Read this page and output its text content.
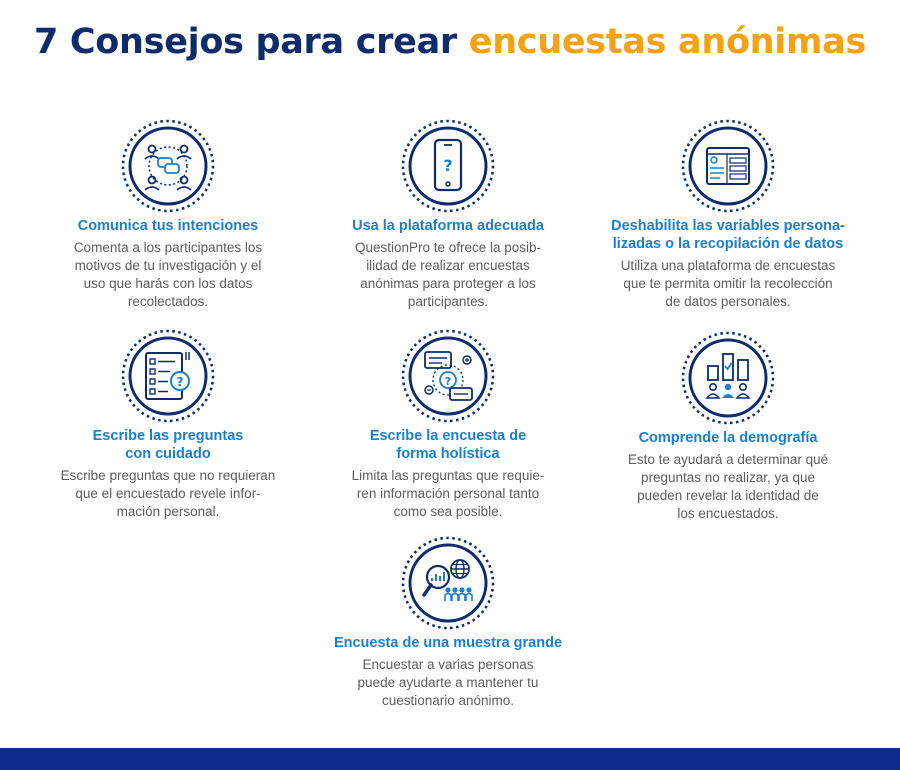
7 Consejos para crear encuestas anónimas
Comunica tus intenciones
Comenta a los participantes los
motivos de tu investigación y el
uso que harás con los datos
recolectados.
?
Usa la plataforma adecuada
QuestionPro te ofrece la posib-
ilidad de realizar encuestas
anónimas para proteger a los
participantes.
Deshabilita las variables persona-
lizadas o la recopilación de datos
Utiliza una plataforma de encuestas
que te permita omitir la recolección
de datos personales.
?
Escribe las preguntas
con cuidado
Escribe preguntas que no requieran
que el encuestado revele infor-
mación personal.
?
Escribe la encuesta de
forma holística
Limita las preguntas que requie-
ren información personal tanto
como sea posible.
Comprende la demografía
Esto te ayudará a determinar qué
preguntas no realizar, ya que
pueden revelar la identidad de
los encuestados.
Encuesta de una muestra grande
Encuestar a varias personas
puede ayudarte a mantener tu
cuestionario anónimo.
